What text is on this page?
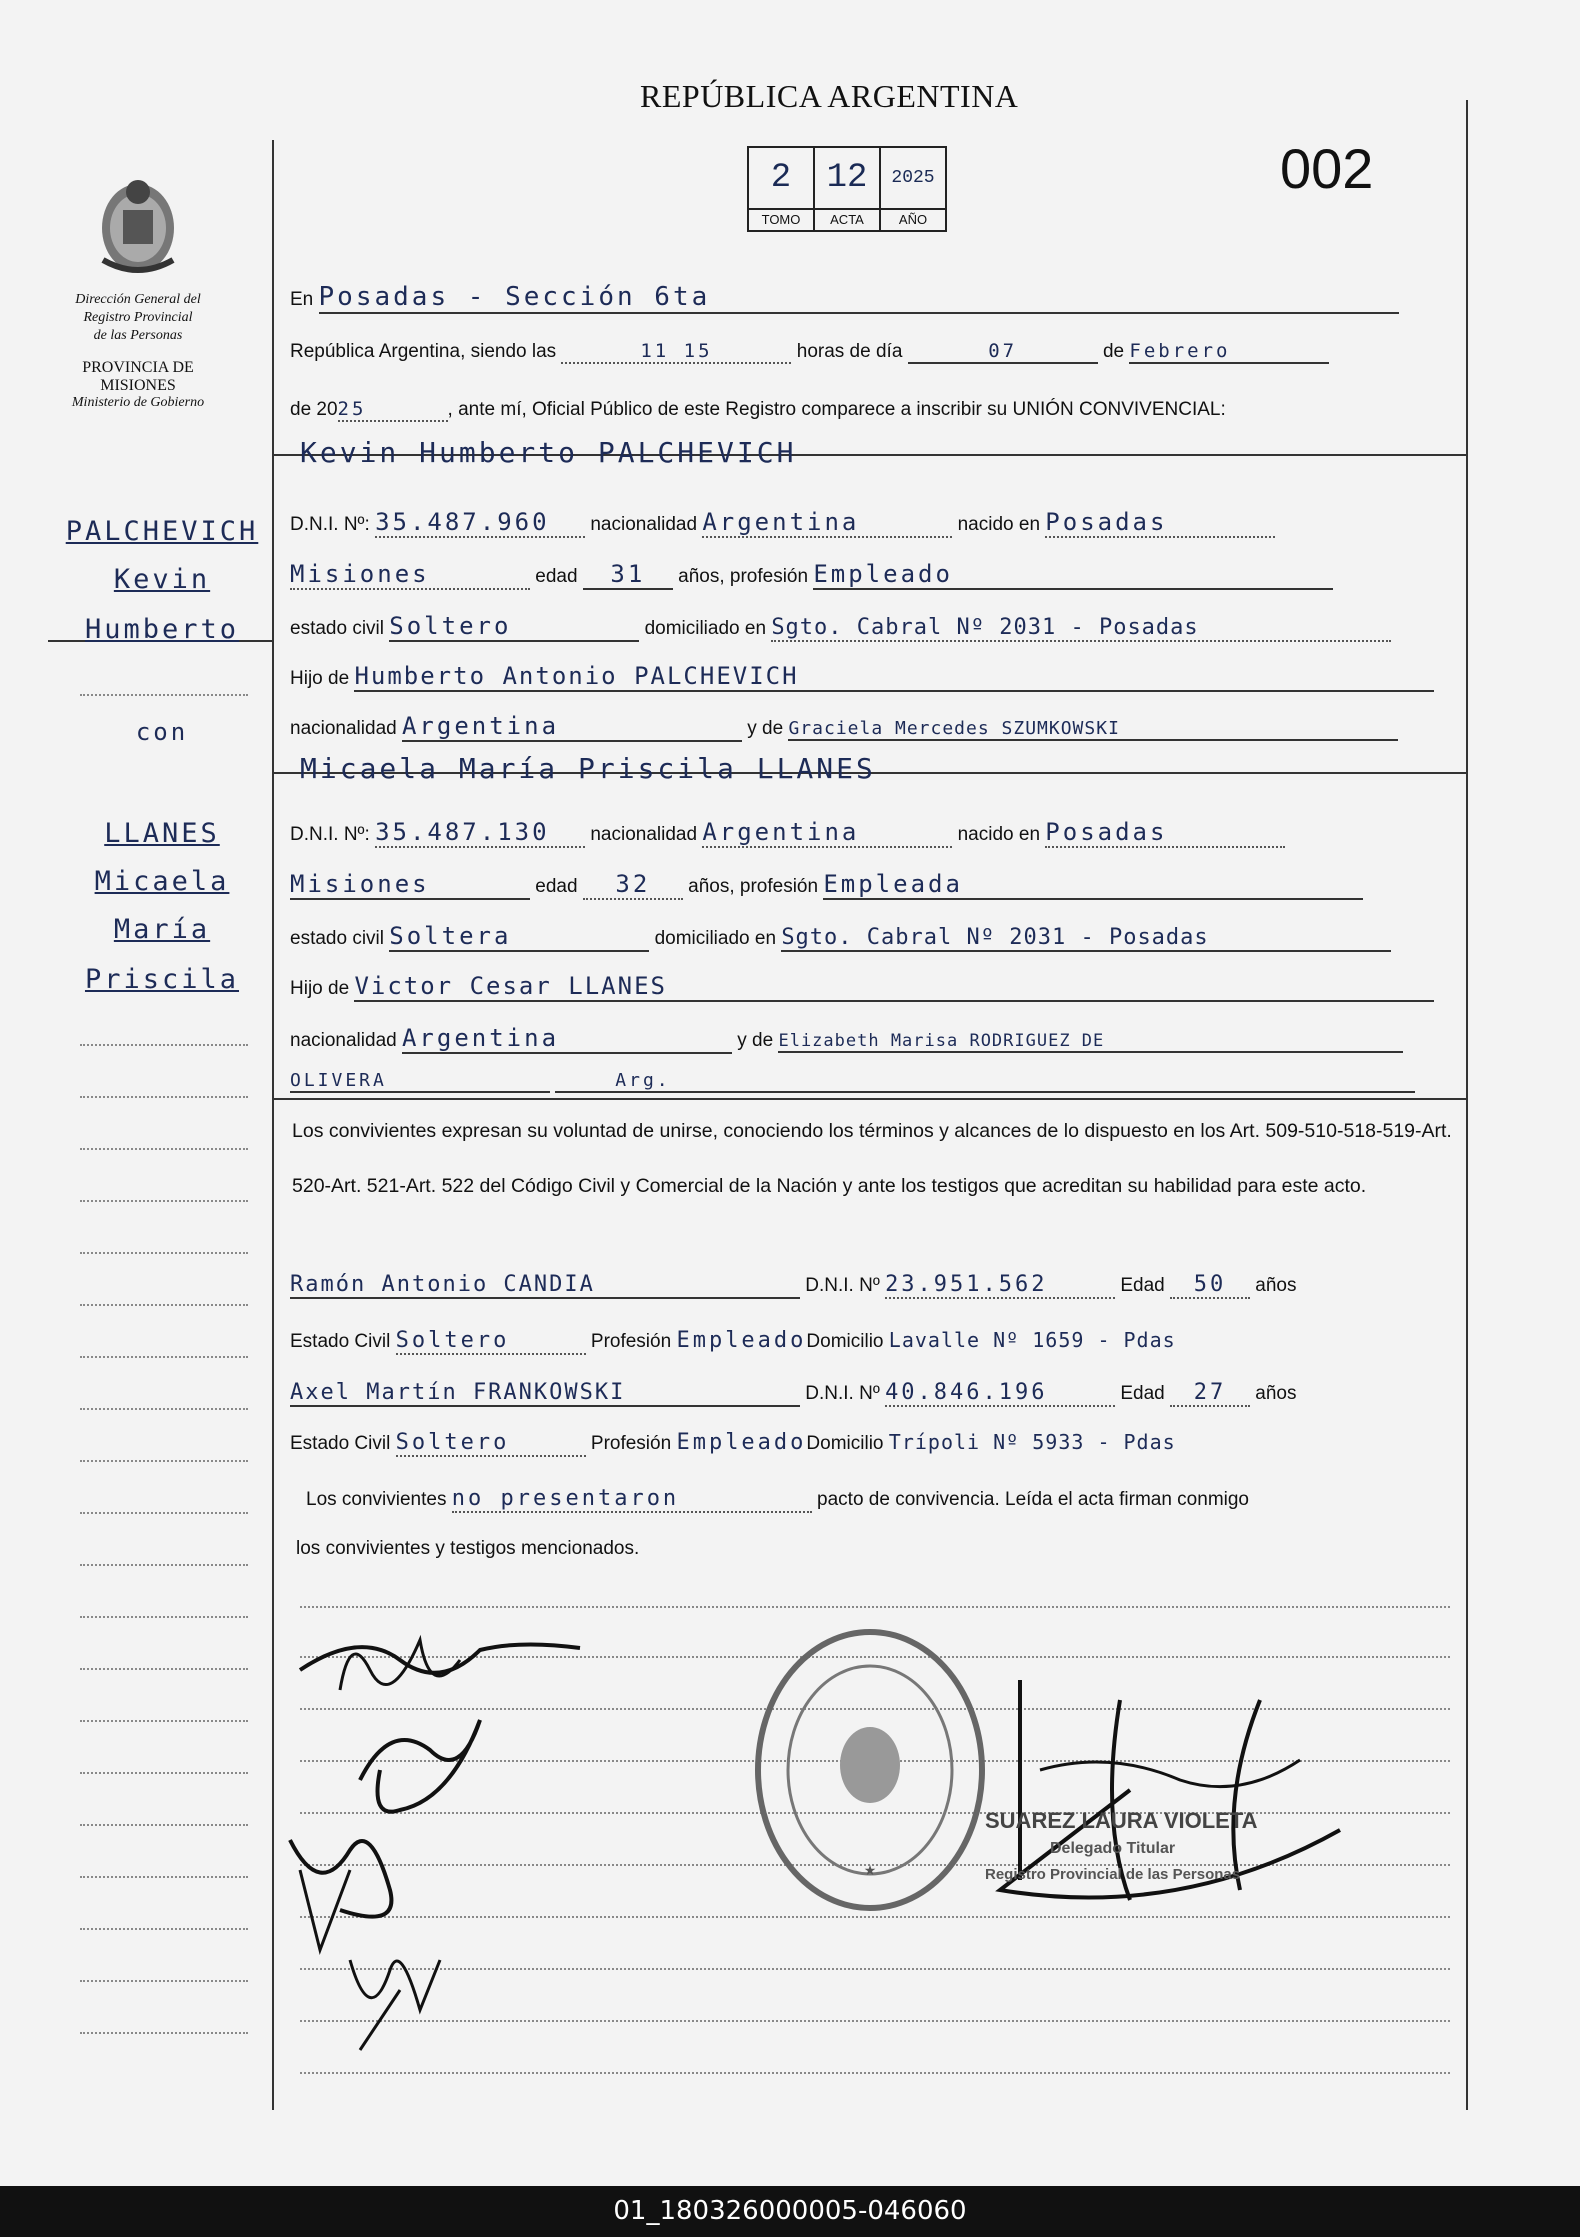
REPÚBLICA ARGENTINA
002
2
TOMO
12
ACTA
2025
AÑO
Dirección General del
Registro Provincial
de las Personas
PROVINCIA DE
MISIONES
Ministerio de Gobierno
En Posadas - Sección 6ta
República Argentina, siendo las	11 15	horas de día	07	de Febrero
de 2025	, ante mí, Oficial Público de este Registro comparece a inscribir su UNIÓN CONVIVENCIAL:
Kevin Humberto PALCHEVICH
D.N.I. Nº: 35.487.960 nacionalidad Argentina	nacido en Posadas
Misiones	edad 31 años, profesión Empleado
estado civil Soltero	domiciliado en Sgto. Cabral Nº 2031 - Posadas
Hijo de Humberto Antonio PALCHEVICH
nacionalidad Argentina	y de Graciela Mercedes SZUMKOWSKI
Micaela María Priscila LLANES
D.N.I. Nº: 35.487.130 nacionalidad Argentina	nacido en Posadas
Misiones	edad 32 años, profesión Empleada
estado civil Soltera	domiciliado en Sgto. Cabral Nº 2031 - Posadas
Hijo de Victor Cesar LLANES
nacionalidad Argentina	y de Elizabeth Marisa RODRIGUEZ DE
OLIVERA	Arg.
Los convivientes expresan su voluntad de unirse, conociendo los términos y alcances de lo dispuesto en los Art. 509-510-518-519-Art. 520-Art. 521-Art. 522 del Código Civil y Comercial de la Nación y ante los testigos que acreditan su habilidad para este acto.
Ramón Antonio CANDIA	D.N.I. Nº 23.951.562	Edad 50 años
Estado Civil Soltero	Profesión EmpleadoDomicilio Lavalle Nº 1659 - Pdas
Axel Martín FRANKOWSKI	D.N.I. Nº 40.846.196	Edad 27 años
Estado Civil Soltero	Profesión EmpleadoDomicilio Trípoli Nº 5933 - Pdas
Los convivientes no presentaron	pacto de convivencia. Leída el acta firman conmigo
los convivientes y testigos mencionados.
PALCHEVICH
Kevin
Humberto
con
LLANES
Micaela
María
Priscila
★
SUAREZ LAURA VIOLETA
Delegado Titular
Registro Provincial de las Personas
01_180326000005-046060
